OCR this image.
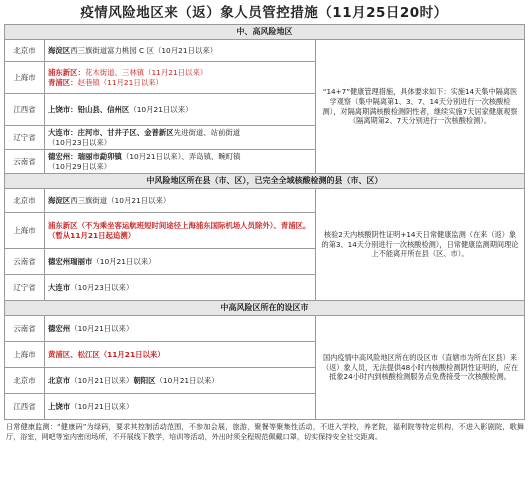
疫情风险地区来（返）象人员管控措施（11月25日20时）
中、高风险地区		
北京市	海淀区西三旗街道富力桃园 C 区（10月21日以来）	“14+7”健康管理措施，具体要求如下：实施14天集中隔离医学观察（集中隔离第1、3、7、14天分别进行一次核酸检测），对隔离期满核酸检测阴性者，继续实施7天居家健康观察（隔离期第2、7天分别进行一次核酸检测）。
上海市	浦东新区：花木街道、三林镇（11月21日以来）
青浦区：赵巷镇（11月21日以来）	
江西省	上饶市：铅山县、信州区（10月21日以来）	
辽宁省	大连市：庄河市、甘井子区、金普新区先进街道、站前街道
（10月23日以来）	
云南省	德宏州：瑞丽市勐卯镇（10月21日以来）、弄岛镇、畹町镇
（10月29日以来）	
中风险地区所在县（市、区），已完全全域核酸检测的县（市、区）		
北京市	海淀区西三旗街道（10月21日以来）	核验2天内核酸阴性证明+14天日常健康监测（在来（返）象的第3、14天分别进行一次核酸检测），日常健康监测期间理论上不能离开所在县（区、市）。
上海市	浦东新区（不为乘坐客运航班短时间途径上海浦东国际机场人员除外）、青浦区。（暂从11月21日起追溯）	
云南省	德宏州瑞丽市（10月21日以来）	
辽宁省	大连市（10月23日以来）	
中高风险区所在的设区市		
云南省	德宏州（10月21日以来）	国内疫情中高风险地区所在的设区市（直辖市为所在区县）来（返）象人员，无法提供48小时内核酸检测阴性证明的，应在抵象24小时内到核酸检测服务点免费接受一次核酸检测。
上海市	黄浦区、松江区（11月21日以来）	
北京市	北京市（10月21日以来）朝阳区（10月21日以来）	
江西省	上饶市（10月21日以来）	
日常健康监测：“健康码”为绿码，要求其控制活动范围，不参加会展，旅游，聚餐等聚集性活动，不进入学校，养老院，福利院等特定机构，不进入影剧院，歌舞厅，浴室，网吧等室内密闭场所，不开展线下教学，培训等活动，外出时须全程规范佩戴口罩，切实保持安全社交距离。
